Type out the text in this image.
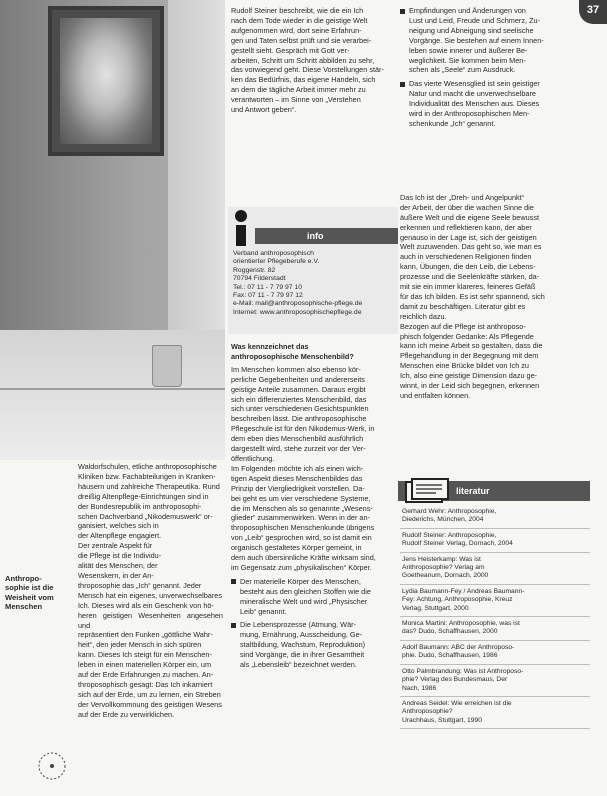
37
Waldorfschulen, etliche anthroposophische
Kliniken bzw. Fachabteilungen in Kranken-
häusern und zahlreiche Therapeutika. Rund
dreißig Altenpflege-Einrichtungen sind in
der Bundesrepublik im anthroposophi-
schen Dachverband „Nikodemuswerk“ or-
ganisiert, welches sich in
der Altenpflege engagiert.
Der zentrale Aspekt für
die Pflege ist die Individu-
alität des Menschen, der
Wesenskern, in der An-
throposophie das „Ich“ genannt. Jeder
Mensch hat ein eigenes, unverwechselbares
Ich. Dieses wird als ein Geschenk von hö-
heren geistigen Wesenheiten angesehen und
repräsentiert den Funken „göttliche Wahr-
heit“, den jeder Mensch in sich spüren
kann. Dieses Ich steigt für ein Menschen-
leben in einen materiellen Körper ein, um
auf der Erde Erfahrungen zu machen. An-
throposophisch gesagt: Das Ich inkarniert
sich auf der Erde, um zu lernen, ein Streben
der Vervollkommnung des geistigen Wesens
auf der Erde zu verwirklichen.
Anthropo-
sophie ist die
Weisheit vom
Menschen
Rudolf Steiner beschreibt, wie die ein Ich
nach dem Tode wieder in die geistige Welt
aufgenommen wird, dort seine Erfahrun-
gen und Taten selbst prüft und sie verarbei-
gestellt sieht. Gespräch mit Gott ver-
arbeiten, Schritt um Schritt abbilden zu sehr,
das vorwiegend geht. Diese Vorstellungen stär-
ken das Bedürfnis, das eigene Handeln, sich
an dem die tägliche Arbeit immer mehr zu
verantworten – im Sinne von „Verstehen
und Antwort geben“.
info
Verband anthroposophisch
orientierter Pflegeberufe e.V.
Roggenstr. 82
70794 Filderstadt
Tel.: 07 11 - 7 79 97 10
Fax: 07 11 - 7 79 97 12
e-Mail: mail@anthroposophische-pflege.de
Internet: www.anthroposophischepflege.de
Was kennzeichnet das
anthroposophische Menschenbild?
Im Menschen kommen also ebenso kör-
perliche Gegebenheiten und andererseits
geistige Anteile zusammen. Daraus ergibt
sich ein differenziertes Menschenbild, das
sich unter verschiedenen Gesichtspunkten
beschreiben lässt. Die anthroposophische
Pflegeschule ist für den Nikodemus-Werk, in
dem eben dies Menschenbild ausführlich
dargestellt wird, stehe zurzeit vor der Ver-
öffentlichung.
Im Folgenden möchte ich als einen wich-
tigen Aspekt dieses Menschenbildes das
Prinzip der Viergliedrigkeit vorstellen. Da-
bei geht es um vier verschiedene Systeme,
die im Menschen als so genannte „Wesens-
glieder“ zusammenwirken. Wenn in der an-
throposophischen Menschenkunde übrigens
von „Leib“ gesprochen wird, so ist damit ein
organisch gestaltetes Körper gemeint, in
dem auch übersinnliche Kräfte wirksam sind,
im Gegensatz zum „physikalischen“ Körper.
Der materielle Körper des Menschen,
besteht aus den gleichen Stoffen wie die
mineralische Welt und wird „Physischer
Leib“ genannt.
Die Lebensprozesse (Atmung, Wär-
mung, Ernährung, Ausscheidung, Ge-
staltbildung, Wachstum, Reproduktion)
sind Vorgänge, die in ihrer Gesamtheit
als „Lebensleib“ bezeichnet werden.
Empfindungen und Änderungen von
Lust und Leid, Freude und Schmerz, Zu-
neigung und Abneigung sind seelische
Vorgänge. Sie bestehen auf einem Innen-
leben sowie innerer und äußerer Be-
weglichkeit. Sie kommen beim Men-
schen als „Seele“ zum Ausdruck.
Das vierte Wesensglied ist sein geistiger
Natur und macht die unverwechselbare
Individualität des Menschen aus. Dieses
wird in der Anthroposophischen Men-
schenkunde „Ich“ genannt.
Das Ich ist der „Dreh- und Angelpunkt“
der Arbeit, der über die wachen Sinne die
äußere Welt und die eigene Seele bewusst
erkennen und reflektieren kann, der aber
genauso in der Lage ist, sich der geistigen
Welt zuzuwenden. Das geht so, wie man es
auch in verschiedenen Religionen finden
kann, Übungen, die den Leib, die Lebens-
prozesse und die Seelenkräfte stärken, da-
mit sie ein immer klareres, feineres Gefäß
für das Ich bilden. Es ist sehr spannend, sich
damit zu beschäftigen. Literatur gibt es
reichlich dazu.
Bezogen auf die Pflege ist anthroposo-
phisch folgender Gedanke: Als Pflegende
kann ich meine Arbeit so gestalten, dass die
Pflegehandlung in der Begegnung mit dem
Menschen eine Brücke bildet von Ich zu
Ich, also eine geistige Dimension dazu ge-
winnt, in der Leid sich begegnen, erkennen
und entfalten können.
literatur
Gerhard Wehr: Anthroposophie,
Diederichs, München, 2004
Rudolf Steiner: Anthroposophie,
Rudolf Steiner Verlag, Dornach, 2004
Jens Heisterkamp: Was ist
Anthroposophie? Verlag am
Goetheanum, Dornach, 2000
Lydia Baumann-Fey / Andreas Baumann-
Fey: Achtung, Anthroposophie, Kreuz
Verlag, Stuttgart, 2000
Monica Martini: Anthroposophie, was ist
das? Dudo, Schaffhausen, 2000
Adolf Baumann: ABC der Anthroposo-
phie. Dudo, Schaffhausen, 1986
Otto Palmbrandung: Was ist Anthroposo-
phie? Verlag des Bundesmaus, Der
Nach, 1986
Andreas Seidel: Wie erreichen ist die
Anthroposophie?
Urachhaus, Stuttgart, 1990
